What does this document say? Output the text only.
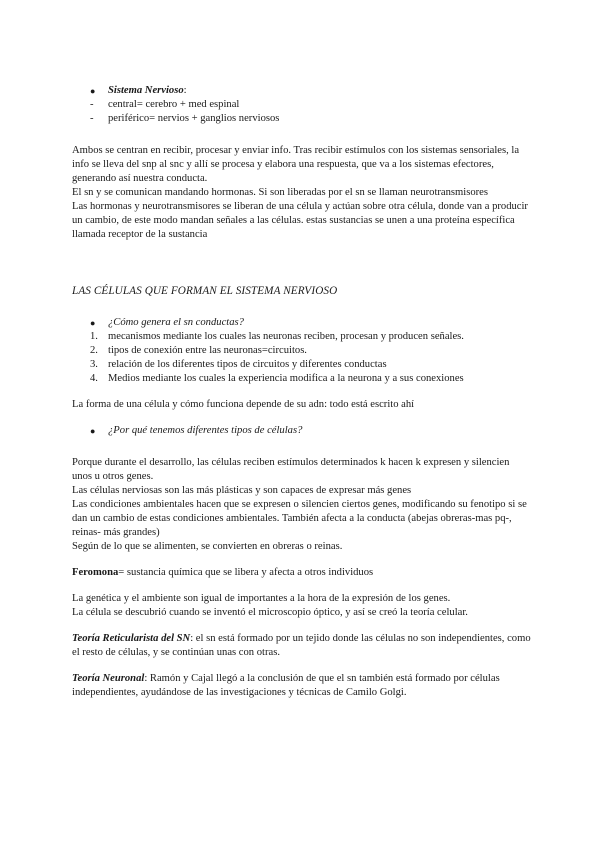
●	Sistema Nervioso:
-	central= cerebro + med espinal
-	periférico= nervios + ganglios nerviosos

Ambos se centran en recibir, procesar y enviar info. Tras recibir estímulos con los sistemas sensoriales, la info se lleva del snp al snc y allí se procesa y elabora una respuesta, que va a los sistemas efectores, generando así nuestra conducta.

El sn y se comunican mandando hormonas. Si son liberadas por el sn se llaman neurotransmisores

Las hormonas y neurotransmisores se liberan de una célula y actúan sobre otra célula, donde van a producir un cambio, de este modo mandan señales a las células. estas sustancias se unen a una proteína específica llamada receptor de la sustancia

LAS CÉLULAS QUE FORMAN EL SISTEMA NERVIOSO

●	¿Cómo genera el sn conductas?
1. mecanismos mediante los cuales las neuronas reciben, procesan y producen señales.
2. tipos de conexión entre las neuronas=circuitos.
3. relación de los diferentes tipos de circuitos y diferentes conductas
4. Medios mediante los cuales la experiencia modifica a la neurona y a sus conexiones

La forma de una célula y cómo funciona depende de su adn: todo está escrito ahí

●	¿Por qué tenemos diferentes tipos de células?

Porque durante el desarrollo, las células reciben estímulos determinados k hacen k expresen y silencien unos u otros genes.

Las células nerviosas son las más plásticas y son capaces de expresar más genes

Las condiciones ambientales hacen que se expresen o silencien ciertos genes, modificando su fenotipo si se dan un cambio de estas condiciones ambientales. También afecta a la conducta (abejas obreras-mas pq-, reinas- más grandes)

Según de lo que se alimenten, se convierten en obreras o reinas.

Feromona= sustancia química que se libera y afecta a otros individuos

La genética y el ambiente son igual de importantes a la hora de la expresión de los genes.

La célula se descubrió cuando se inventó el microscopio óptico, y así se creó la teoría celular.

Teoría Reticularista del SN: el sn está formado por un tejido donde las células no son independientes, como el resto de células, y se continúan unas con otras.

Teoría Neuronal: Ramón y Cajal llegó a la conclusión de que el sn también está formado por células independientes, ayudándose de las investigaciones y técnicas de Camilo Golgi.
